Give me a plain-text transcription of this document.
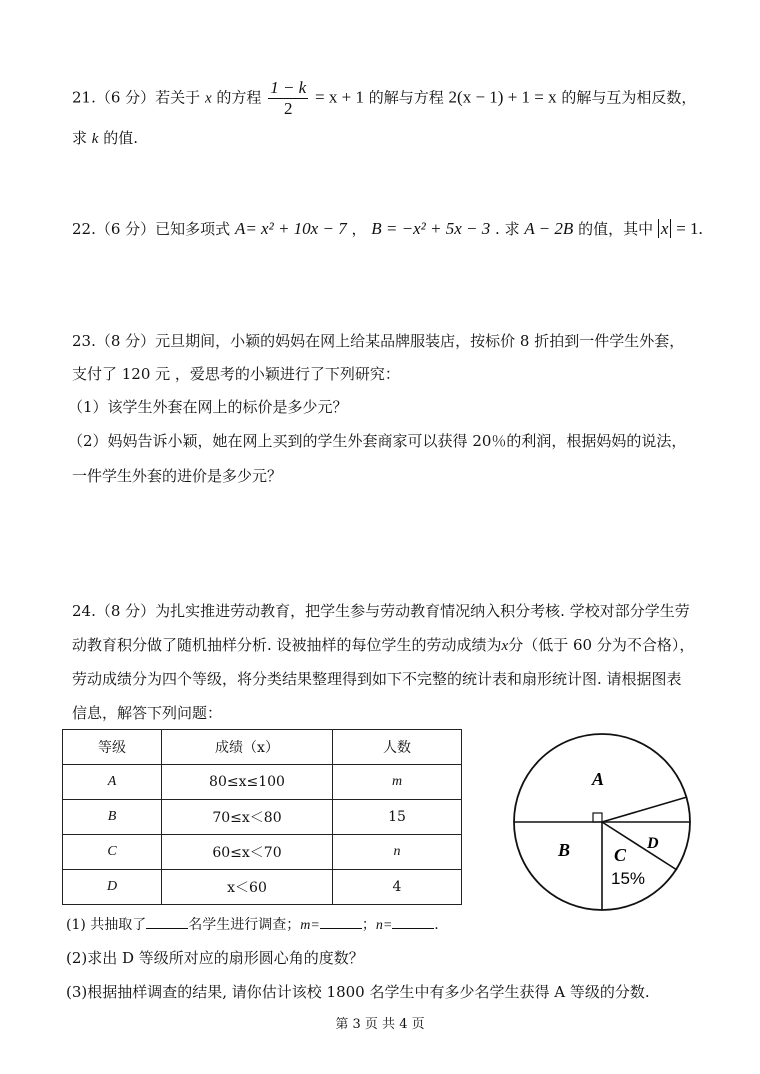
21.（6 分）若关于 x 的方程 $\frac{1 - k}{2} = x + 1$ 的解与方程 2(x − 1) + 1 = x 的解与互为相反数，
求 k 的值.
22.（6 分）已知多项式 A= x² + 10x − 7 ， B = −x² + 5x − 3 . 求 A − 2B 的值，其中 x = 1.
23.（8 分）元旦期间，小颖的妈妈在网上给某品牌服装店，按标价 8 折拍到一件学生外套，
支付了 120 元 ，爱思考的小颖进行了下列研究：
（1）该学生外套在网上的标价是多少元？
（2）妈妈告诉小颖，她在网上买到的学生外套商家可以获得 20％的利润，根据妈妈的说法，
一件学生外套的进价是多少元？
24.（8 分）为扎实推进劳动教育，把学生参与劳动教育情况纳入积分考核. 学校对部分学生劳
动教育积分做了随机抽样分析. 设被抽样的每位学生的劳动成绩为x分（低于 60 分为不合格），
劳动成绩分为四个等级，将分类结果整理得到如下不完整的统计表和扇形统计图. 请根据图表
信息，解答下列问题：
等级	成绩（x）	人数
A	80≤x≤100	m
B	70≤x＜80	15
C	60≤x＜70	n
D	x＜60	4
A
B C
D
15%
(1) 共抽取了	名学生进行调查；m=	；n=	.
(2)求出 D 等级所对应的扇形圆心角的度数？
(3)根据抽样调查的结果, 请你估计该校 1800 名学生中有多少名学生获得 A 等级的分数.
第 3 页 共 4 页
